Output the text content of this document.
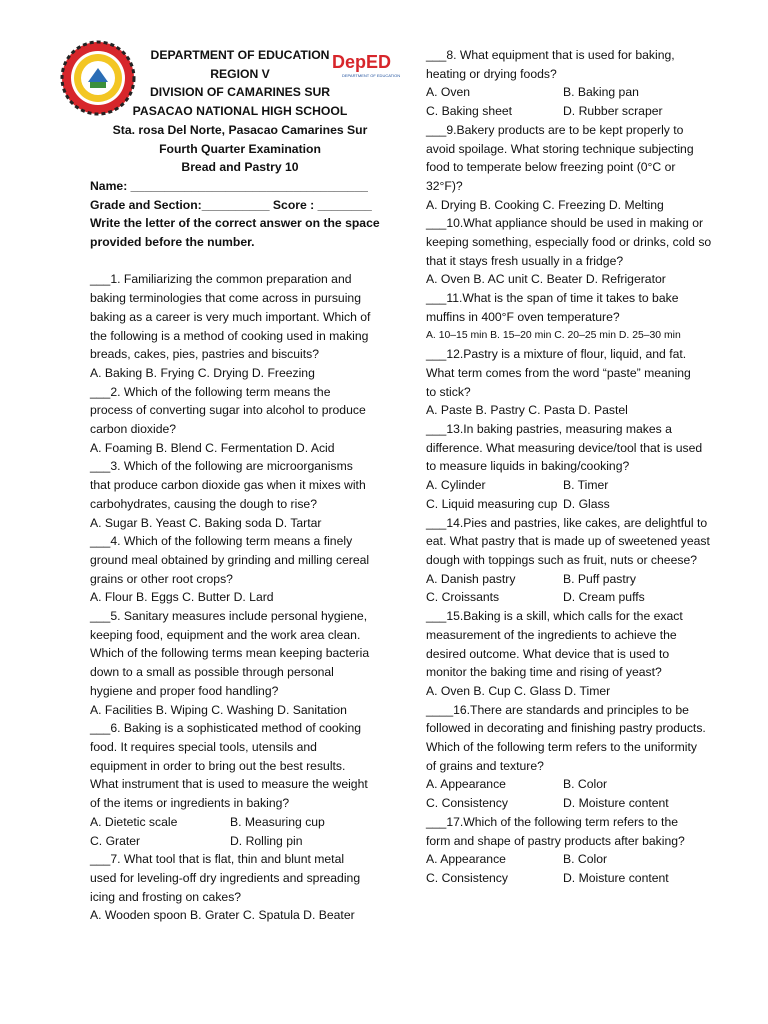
DepED
DEPARTMENT OF EDUCATION
DEPARTMENT OF EDUCATION
REGION V
DIVISION OF CAMARINES SUR
PASACAO NATIONAL HIGH SCHOOL
Sta. rosa Del Norte, Pasacao Camarines Sur
Fourth Quarter Examination
Bread and Pastry 10
Name: ___________________________________
Grade and Section:__________ Score : ________
Write the letter of the correct answer on the space
provided before the number.
___1. Familiarizing the common preparation and
baking terminologies that come across in pursuing
baking as a career is very much important. Which of
the following is a method of cooking used in making
breads, cakes, pies, pastries and biscuits?
A. Baking B. Frying C. Drying D. Freezing
___2. Which of the following term means the
process of converting sugar into alcohol to produce
carbon dioxide?
A. Foaming B. Blend C. Fermentation D. Acid
___3. Which of the following are microorganisms
that produce carbon dioxide gas when it mixes with
carbohydrates, causing the dough to rise?
A. Sugar B. Yeast C. Baking soda D. Tartar
___4. Which of the following term means a finely
ground meal obtained by grinding and milling cereal
grains or other root crops?
A. Flour B. Eggs C. Butter D. Lard
___5. Sanitary measures include personal hygiene,
keeping food, equipment and the work area clean.
Which of the following terms mean keeping bacteria
down to a small as possible through personal
hygiene and proper food handling?
A. Facilities B. Wiping C. Washing D. Sanitation
___6. Baking is a sophisticated method of cooking
food. It requires special tools, utensils and
equipment in order to bring out the best results.
What instrument that is used to measure the weight
of the items or ingredients in baking?
A. Dietetic scale	B. Measuring cup
C. Grater	D. Rolling pin
___7. What tool that is flat, thin and blunt metal
used for leveling-off dry ingredients and spreading
icing and frosting on cakes?
A. Wooden spoon B. Grater C. Spatula D. Beater
___8. What equipment that is used for baking,
heating or drying foods?
A. Oven	B. Baking pan
C. Baking sheet	D. Rubber scraper
___9.Bakery products are to be kept properly to
avoid spoilage. What storing technique subjecting
food to temperate below freezing point (0°C or
32°F)?
A. Drying B. Cooking C. Freezing D. Melting
___10.What appliance should be used in making or
keeping something, especially food or drinks, cold so
that it stays fresh usually in a fridge?
A. Oven B. AC unit C. Beater D. Refrigerator
___11.What is the span of time it takes to bake
muffins in 400°F oven temperature?
A. 10–15 min B. 15–20 min C. 20–25 min D. 25–30 min
___12.Pastry is a mixture of flour, liquid, and fat.
What term comes from the word “paste” meaning
to stick?
A. Paste B. Pastry C. Pasta D. Pastel
___13.In baking pastries, measuring makes a
difference. What measuring device/tool that is used
to measure liquids in baking/cooking?
A. Cylinder	B. Timer
C. Liquid measuring cup D. Glass
___14.Pies and pastries, like cakes, are delightful to
eat. What pastry that is made up of sweetened yeast
dough with toppings such as fruit, nuts or cheese?
A. Danish pastry	B. Puff pastry
C. Croissants	D. Cream puffs
___15.Baking is a skill, which calls for the exact
measurement of the ingredients to achieve the
desired outcome. What device that is used to
monitor the baking time and rising of yeast?
A. Oven B. Cup C. Glass D. Timer
____16.There are standards and principles to be
followed in decorating and finishing pastry products.
Which of the following term refers to the uniformity
of grains and texture?
A. Appearance	B. Color
C. Consistency	D. Moisture content
___17.Which of the following term refers to the
form and shape of pastry products after baking?
A. Appearance	B. Color
C. Consistency	D. Moisture content
